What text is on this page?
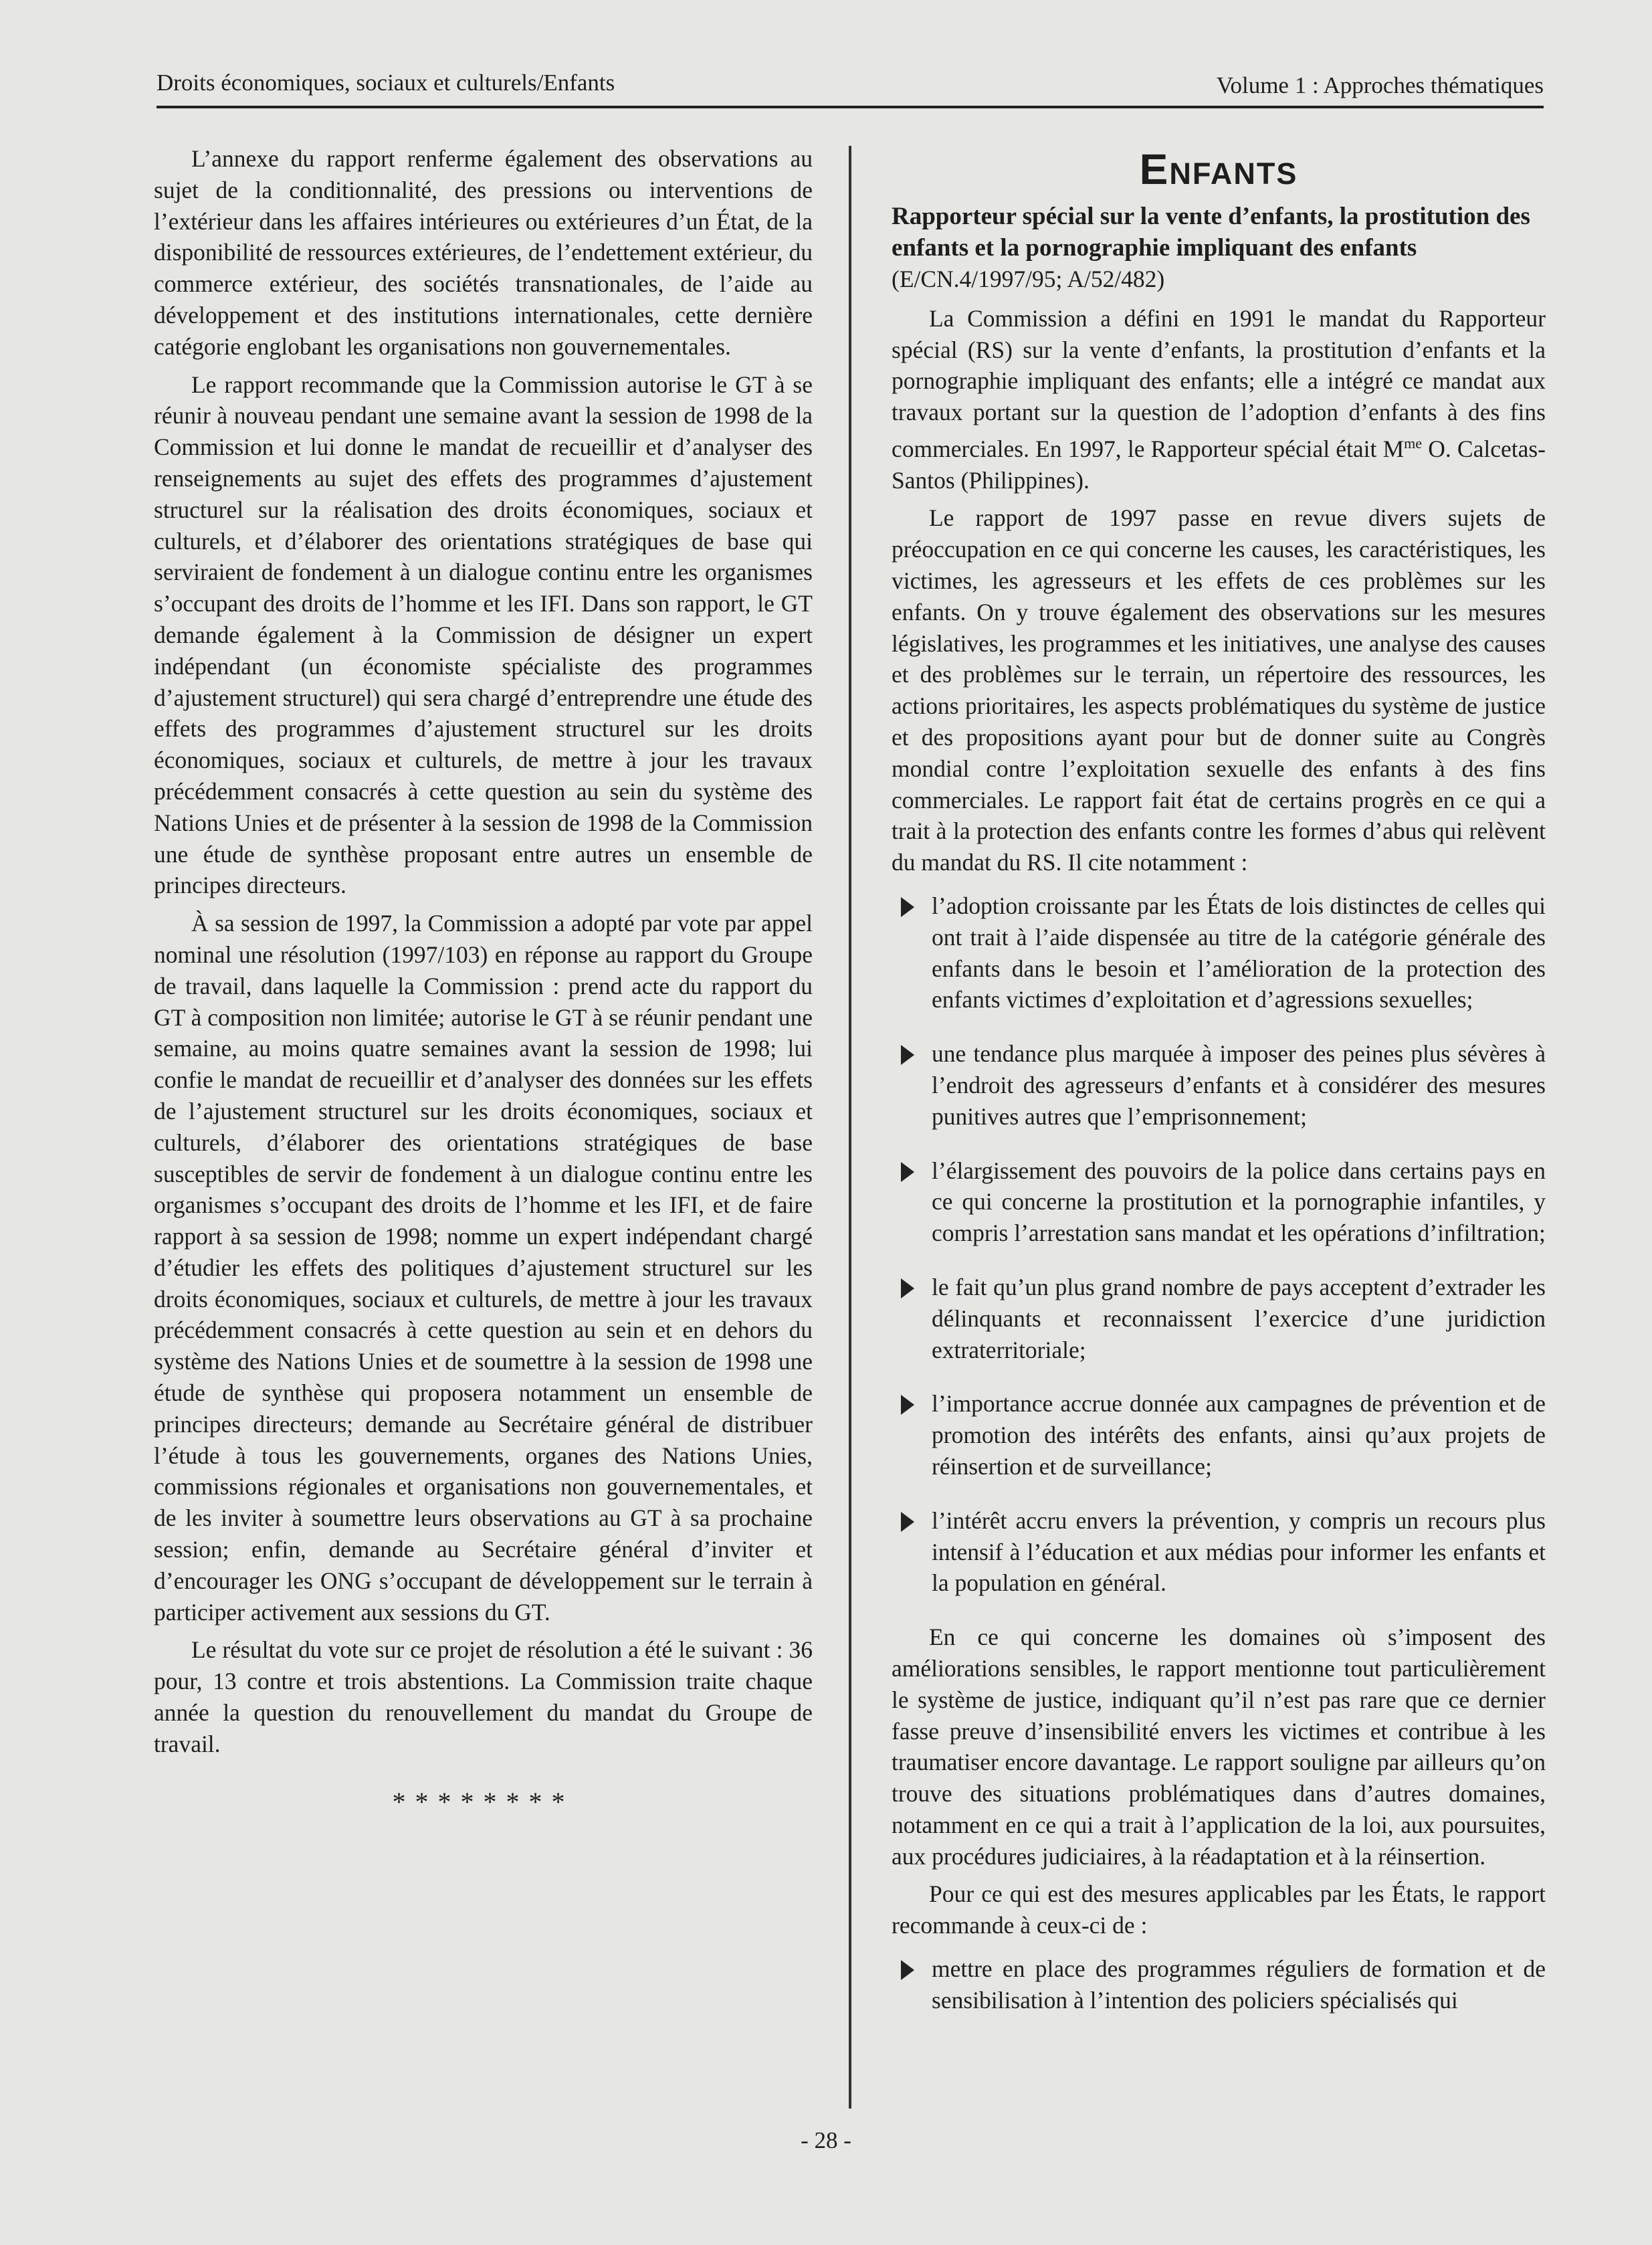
Droits économiques, sociaux et culturels/Enfants	Volume 1 : Approches thématiques

L’annexe du rapport renferme également des observations au sujet de la conditionnalité, des pressions ou interventions de l’extérieur dans les affaires intérieures ou extérieures d’un État, de la disponibilité de ressources extérieures, de l’endettement extérieur, du commerce extérieur, des sociétés transnationales, de l’aide au développement et des institutions internationales, cette dernière catégorie englobant les organisations non gouvernementales.

Le rapport recommande que la Commission autorise le GT à se réunir à nouveau pendant une semaine avant la session de 1998 de la Commission et lui donne le mandat de recueillir et d’analyser des renseignements au sujet des effets des programmes d’ajustement structurel sur la réalisation des droits économiques, sociaux et culturels, et d’élaborer des orientations stratégiques de base qui serviraient de fondement à un dialogue continu entre les organismes s’occupant des droits de l’homme et les IFI. Dans son rapport, le GT demande également à la Commission de désigner un expert indépendant (un économiste spécialiste des programmes d’ajustement structurel) qui sera chargé d’entreprendre une étude des effets des programmes d’ajustement structurel sur les droits économiques, sociaux et culturels, de mettre à jour les travaux précédemment consacrés à cette question au sein du système des Nations Unies et de présenter à la session de 1998 de la Commission une étude de synthèse proposant entre autres un ensemble de principes directeurs.

À sa session de 1997, la Commission a adopté par vote par appel nominal une résolution (1997/103) en réponse au rapport du Groupe de travail, dans laquelle la Commission : prend acte du rapport du GT à composition non limitée; autorise le GT à se réunir pendant une semaine, au moins quatre semaines avant la session de 1998; lui confie le mandat de recueillir et d’analyser des données sur les effets de l’ajustement structurel sur les droits économiques, sociaux et culturels, d’élaborer des orientations stratégiques de base susceptibles de servir de fondement à un dialogue continu entre les organismes s’occupant des droits de l’homme et les IFI, et de faire rapport à sa session de 1998; nomme un expert indépendant chargé d’étudier les effets des politiques d’ajustement structurel sur les droits économiques, sociaux et culturels, de mettre à jour les travaux précédemment consacrés à cette question au sein et en dehors du système des Nations Unies et de soumettre à la session de 1998 une étude de synthèse qui proposera notamment un ensemble de principes directeurs; demande au Secrétaire général de distribuer l’étude à tous les gouvernements, organes des Nations Unies, commissions régionales et organisations non gouvernementales, et de les inviter à soumettre leurs observations au GT à sa prochaine session; enfin, demande au Secrétaire général d’inviter et d’encourager les ONG s’occupant de développement sur le terrain à participer activement aux sessions du GT.

Le résultat du vote sur ce projet de résolution a été le suivant : 36 pour, 13 contre et trois abstentions. La Commission traite chaque année la question du renouvellement du mandat du Groupe de travail.

********
Enfants
Rapporteur spécial sur la vente d’enfants, la prostitution des enfants et la pornographie impliquant des enfants
(E/CN.4/1997/95; A/52/482)

La Commission a défini en 1991 le mandat du Rapporteur spécial (RS) sur la vente d’enfants, la prostitution d’enfants et la pornographie impliquant des enfants; elle a intégré ce mandat aux travaux portant sur la question de l’adoption d’enfants à des fins commerciales. En 1997, le Rapporteur spécial était $M^{me}$ O. Calcetas-Santos (Philippines).

Le rapport de 1997 passe en revue divers sujets de préoccupation en ce qui concerne les causes, les caractéristiques, les victimes, les agresseurs et les effets de ces problèmes sur les enfants. On y trouve également des observations sur les mesures législatives, les programmes et les initiatives, une analyse des causes et des problèmes sur le terrain, un répertoire des ressources, les actions prioritaires, les aspects problématiques du système de justice et des propositions ayant pour but de donner suite au Congrès mondial contre l’exploitation sexuelle des enfants à des fins commerciales. Le rapport fait état de certains progrès en ce qui a trait à la protection des enfants contre les formes d’abus qui relèvent du mandat du RS. Il cite notamment :

l’adoption croissante par les États de lois distinctes de celles qui ont trait à l’aide dispensée au titre de la catégorie générale des enfants dans le besoin et l’amélioration de la protection des enfants victimes d’exploitation et d’agressions sexuelles;
une tendance plus marquée à imposer des peines plus sévères à l’endroit des agresseurs d’enfants et à considérer des mesures punitives autres que l’emprisonnement;
l’élargissement des pouvoirs de la police dans certains pays en ce qui concerne la prostitution et la pornographie infantiles, y compris l’arrestation sans mandat et les opérations d’infiltration;
le fait qu’un plus grand nombre de pays acceptent d’extrader les délinquants et reconnaissent l’exercice d’une juridiction extraterritoriale;
l’importance accrue donnée aux campagnes de prévention et de promotion des intérêts des enfants, ainsi qu’aux projets de réinsertion et de surveillance;
l’intérêt accru envers la prévention, y compris un recours plus intensif à l’éducation et aux médias pour informer les enfants et la population en général.

En ce qui concerne les domaines où s’imposent des améliorations sensibles, le rapport mentionne tout particulièrement le système de justice, indiquant qu’il n’est pas rare que ce dernier fasse preuve d’insensibilité envers les victimes et contribue à les traumatiser encore davantage. Le rapport souligne par ailleurs qu’on trouve des situations problématiques dans d’autres domaines, notamment en ce qui a trait à l’application de la loi, aux poursuites, aux procédures judiciaires, à la réadaptation et à la réinsertion.

Pour ce qui est des mesures applicables par les États, le rapport recommande à ceux-ci de :

mettre en place des programmes réguliers de formation et de sensibilisation à l’intention des policiers spécialisés qui
- 28 -
